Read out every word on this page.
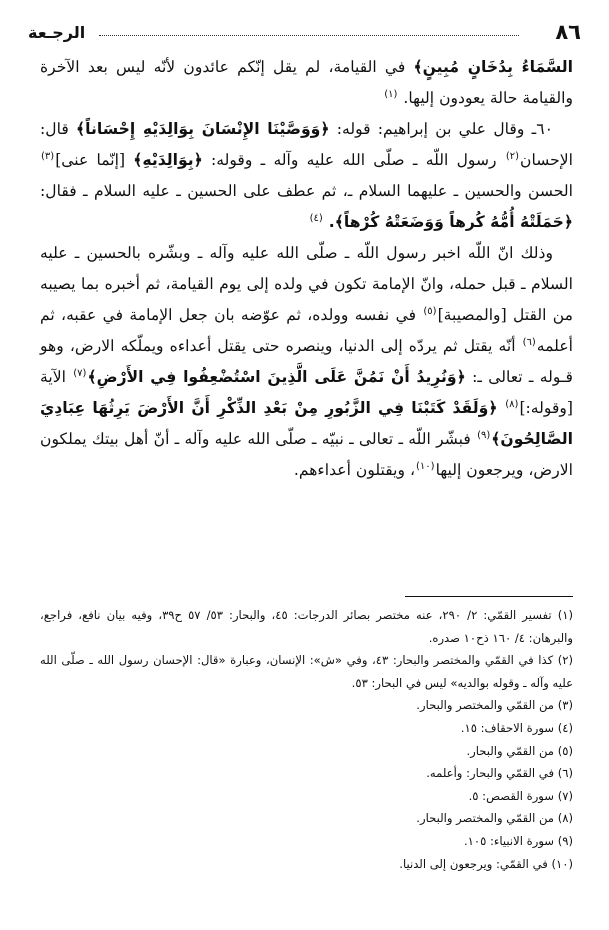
٨٦
الرجـعة

السَّمَاءُ بِدُخَانٍ مُبِينٍ﴾ في القيامة، لم يقل إنّكم عائدون لأنّه ليس بعد الآخرة والقيامة حالة يعودون إليها. $^{(١)}$

٦٠ـ وقال علي بن إبراهيم: قوله: ﴿وَوَصَّيْنَا الإِنْسَانَ بِوَالِدَيْهِ إِحْسَاناً﴾ قال: الإحسان$^{(٢)}$ رسول اللّه ـ صلّى الله عليه وآله ـ وقوله: ﴿بِوَالِدَيْهِ﴾ [إنّما عنى]$^{(٣)}$ الحسن والحسين ـ عليهما السلام ـ، ثم عطف على الحسين ـ عليه السلام ـ فقال: ﴿حَمَلَتْهُ أُمُّهُ كُرهاً وَوَضَعَتْهُ كُرْهاً﴾. $^{(٤)}$

وذلك انّ اللّه اخبر رسول اللّه ـ صلّى الله عليه وآله ـ وبشّره بالحسين ـ عليه السلام ـ قبل حمله، وانّ الإمامة تكون في ولده إلى يوم القيامة، ثم أخبره بما يصيبه من القتل [والمصيبة]$^{(٥)}$ في نفسه وولده، ثم عوّضه بان جعل الإمامة في عقبه، ثم أعلمه$^{(٦)}$ أنّه يقتل ثم يردّه إلى الدنيا، وينصره حتى يقتل أعداءه ويملّكه الارض، وهو قـوله ـ تعالى ـ: ﴿وَنُرِيدُ أَنْ نَمُنَّ عَلَى الَّذِينَ اسْتُضْعِفُوا فِي الأَرْضِ﴾$^{(٧)}$ الآية [وقوله:]$^{(٨)}$ ﴿وَلَقَدْ كَتَبْنَا فِي الزَّبُورِ مِنْ بَعْدِ الذِّكْرِ أَنَّ الأَرْضَ يَرِثُهَا عِبَادِيَ الصَّالِحُونَ﴾$^{(٩)}$ فبشّر اللّه ـ تعالى ـ نبيّه ـ صلّى الله عليه وآله ـ أنّ أهل بيتك يملكون الارض، ويرجعون إليها$^{(١٠)}$، ويقتلون أعداءهم.

(١) تفسير القمّي: ٢/ ٢٩٠، عنه مختصر بصائر الدرجات: ٤٥، والبحار: ٥٣/ ٥٧ ح٣٩، وفيه بيان نافع، فراجع، والبرهان: ٤/ ١٦٠ ذح١٠ صدره.

(٢) كذا في القمّي والمختصر والبحار: ٤٣، وفي «ش»: الإنسان، وعبارة «قال: الإحسان رسول الله ـ صلّى الله عليه وآله ـ وقوله بوالديه» ليس في البحار: ٥٣.

(٣) من القمّي والمختصر والبحار.

(٤) سورة الاحقاف: ١٥.

(٥) من القمّي والبحار.

(٦) في القمّي والبحار: وأعلمه.

(٧) سورة القصص: ٥.

(٨) من القمّي والمختصر والبحار.

(٩) سورة الانبياء: ١٠٥.

(١٠) في القمّي: ويرجعون إلى الدنيا.
